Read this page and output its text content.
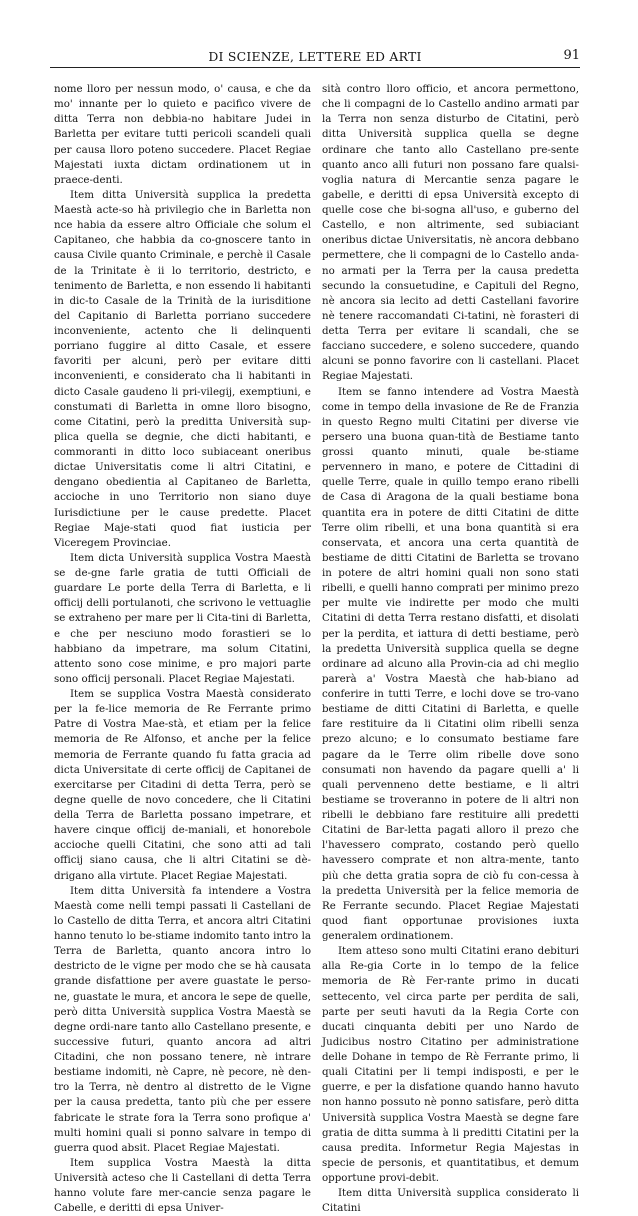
DI SCIENZE, LETTERE ED ARTI	91

nome lloro per nessun modo, o' causa, e che da mo' innante per lo quieto e pacifico vivere de ditta Terra non debbia-no habitare Judei in Barletta per evitare tutti pericoli scandeli quali per causa lloro poteno succedere. Placet Regiae Majestati iuxta dictam ordinationem ut in praece-denti.

Item ditta Università supplica la predetta Maestà acte-so hà privilegio che in Barletta non nce habia da essere altro Officiale che solum el Capitaneo, che habbia da co-gnoscere tanto in causa Civile quanto Criminale, e perchè il Casale de la Trinitate è ii lo territorio, destricto, e tenimento de Barletta, e non essendo li habitanti in dic-to Casale de la Trinità de la iurisditione del Capitanio di Barletta porriano succedere inconveniente, actento che li delinquenti porriano fuggire al ditto Casale, et essere favoriti per alcuni, però per evitare ditti inconvenienti, e considerato cha li habitanti in dicto Casale gaudeno li pri-vilegij, exemptiuni, e constumati di Barletta in omne lloro bisogno, come Citatini, però la preditta Università sup-plica quella se degnie, che dicti habitanti, e commoranti in ditto loco subiaceant oneribus dictae Universitatis come li altri Citatini, e dengano obedientia al Capitaneo de Barletta, accioche in uno Territorio non siano duye Iurisdictiune per le cause predette. Placet Regiae Maje-stati quod fiat iusticia per Viceregem Provinciae.

Item dicta Università supplica Vostra Maestà se de-gne farle gratia de tutti Officiali de guardare Le porte della Terra di Barletta, e li officij delli portulanoti, che scrivono le vettuaglie se extraheno per mare per li Cita-tini di Barletta, e che per nesciuno modo forastieri se lo habbiano da impetrare, ma solum Citatini, attento sono cose minime, e pro majori parte sono officij personali. Placet Regiae Majestati.

Item se supplica Vostra Maestà considerato per la fe-lice memoria de Re Ferrante primo Patre di Vostra Mae-stà, et etiam per la felice memoria de Re Alfonso, et anche per la felice memoria de Ferrante quando fu fatta gracia ad dicta Universitate di certe officij de Capitanei de exercitarse per Citadini di detta Terra, però se degne quelle de novo concedere, che li Citatini della Terra de Barletta possano impetrare, et havere cinque officij de-maniali, et honorebole accioche quelli Citatini, che sono atti ad tali officij siano causa, che li altri Citatini se dè-drigano alla virtute. Placet Regiae Majestati.

Item ditta Università fa intendere a Vostra Maestà come nelli tempi passati li Castellani de lo Castello de ditta Terra, et ancora altri Citatini hanno tenuto lo be-stiame indomito tanto intro la Terra de Barletta, quanto ancora intro lo destricto de le vigne per modo che se hà causata grande disfattione per avere guastate le perso-ne, guastate le mura, et ancora le sepe de quelle, però ditta Università supplica Vostra Maestà se degne ordi-nare tanto allo Castellano presente, e successive futuri, quanto ancora ad altri Citadini, che non possano tenere, nè intrare bestiame indomiti, nè Capre, nè pecore, nè den-tro la Terra, nè dentro al distretto de le Vigne per la causa predetta, tanto più che per essere fabricate le strate fora la Terra sono profique a' multi homini quali si ponno salvare in tempo di guerra quod absit. Placet Regiae Majestati.

Item supplica Vostra Maestà la ditta Università acteso che li Castellani di detta Terra hanno volute fare mer-cancie senza pagare le Cabelle, e deritti di epsa Univer-

sità contro lloro officio, et ancora permettono, che li compagni de lo Castello andino armati par la Terra non senza disturbo de Citatini, però ditta Università supplica quella se degne ordinare che tanto allo Castellano pre-sente quanto anco alli futuri non possano fare qualsi-voglia natura di Mercantie senza pagare le gabelle, e deritti di epsa Università excepto di quelle cose che bi-sogna all'uso, e guberno del Castello, e non altrimente, sed subiaciant oneribus dictae Universitatis, nè ancora debbano permettere, che li compagni de lo Castello anda-no armati per la Terra per la causa predetta secundo la consuetudine, e Capituli del Regno, nè ancora sia lecito ad detti Castellani favorire nè tenere raccomandati Ci-tatini, nè forasteri di detta Terra per evitare li scandali, che se facciano succedere, e soleno succedere, quando alcuni se ponno favorire con li castellani. Placet Regiae Majestati.

Item se fanno intendere ad Vostra Maestà come in tempo della invasione de Re de Franzia in questo Regno multi Citatini per diverse vie persero una buona quan-tità de Bestiame tanto grossi quanto minuti, quale be-stiame pervennero in mano, e potere de Cittadini di quelle Terre, quale in quillo tempo erano ribelli de Casa di Aragona de la quali bestiame bona quantita era in potere de ditti Citatini de ditte Terre olim ribelli, et una bona quantità si era conservata, et ancora una certa quantità de bestiame de ditti Citatini de Barletta se trovano in potere de altri homini quali non sono stati ribelli, e quelli hanno comprati per minimo prezo per multe vie indirette per modo che multi Citatini di detta Terra restano disfatti, et disolati per la perdita, et iattura di detti bestiame, però la predetta Università supplica quella se degne ordinare ad alcuno alla Provin-cia ad chi meglio parerà a' Vostra Maestà che hab-biano ad conferire in tutti Terre, e lochi dove se tro-vano bestiame de ditti Citatini di Barletta, e quelle fare restituire da li Citatini olim ribelli senza prezo alcuno; e lo consumato bestiame fare pagare da le Terre olim ribelle dove sono consumati non havendo da pagare quelli a' li quali pervenneno dette bestiame, e li altri bestiame se troveranno in potere de li altri non ribelli le debbiano fare restituire alli predetti Citatini de Bar-letta pagati alloro il prezo che l'havessero comprato, costando però quello havessero comprate et non altra-mente, tanto più che detta gratia sopra de ciò fu con-cessa à la predetta Università per la felice memoria de Re Ferrante secundo. Placet Regiae Majestati quod fiant opportunae provisiones iuxta generalem ordinationem.

Item atteso sono multi Citatini erano debituri alla Re-gia Corte in lo tempo de la felice memoria de Rè Fer-rante primo in ducati settecento, vel circa parte per perdita de sali, parte per seuti havuti da la Regia Corte con ducati cinquanta debiti per uno Nardo de Judicibus nostro Citatino per administratione delle Dohane in tempo de Rè Ferrante primo, li quali Citatini per li tempi indisposti, e per le guerre, e per la disfatione quando hanno havuto non hanno possuto nè ponno satisfare, però ditta Università supplica Vostra Maestà se degne fare gratia de ditta summa à li preditti Citatini per la causa predita. Informetur Regia Majestas in specie de personis, et quantitatibus, et demum opportune provi-debit.

Item ditta Università supplica considerato li Citatini
